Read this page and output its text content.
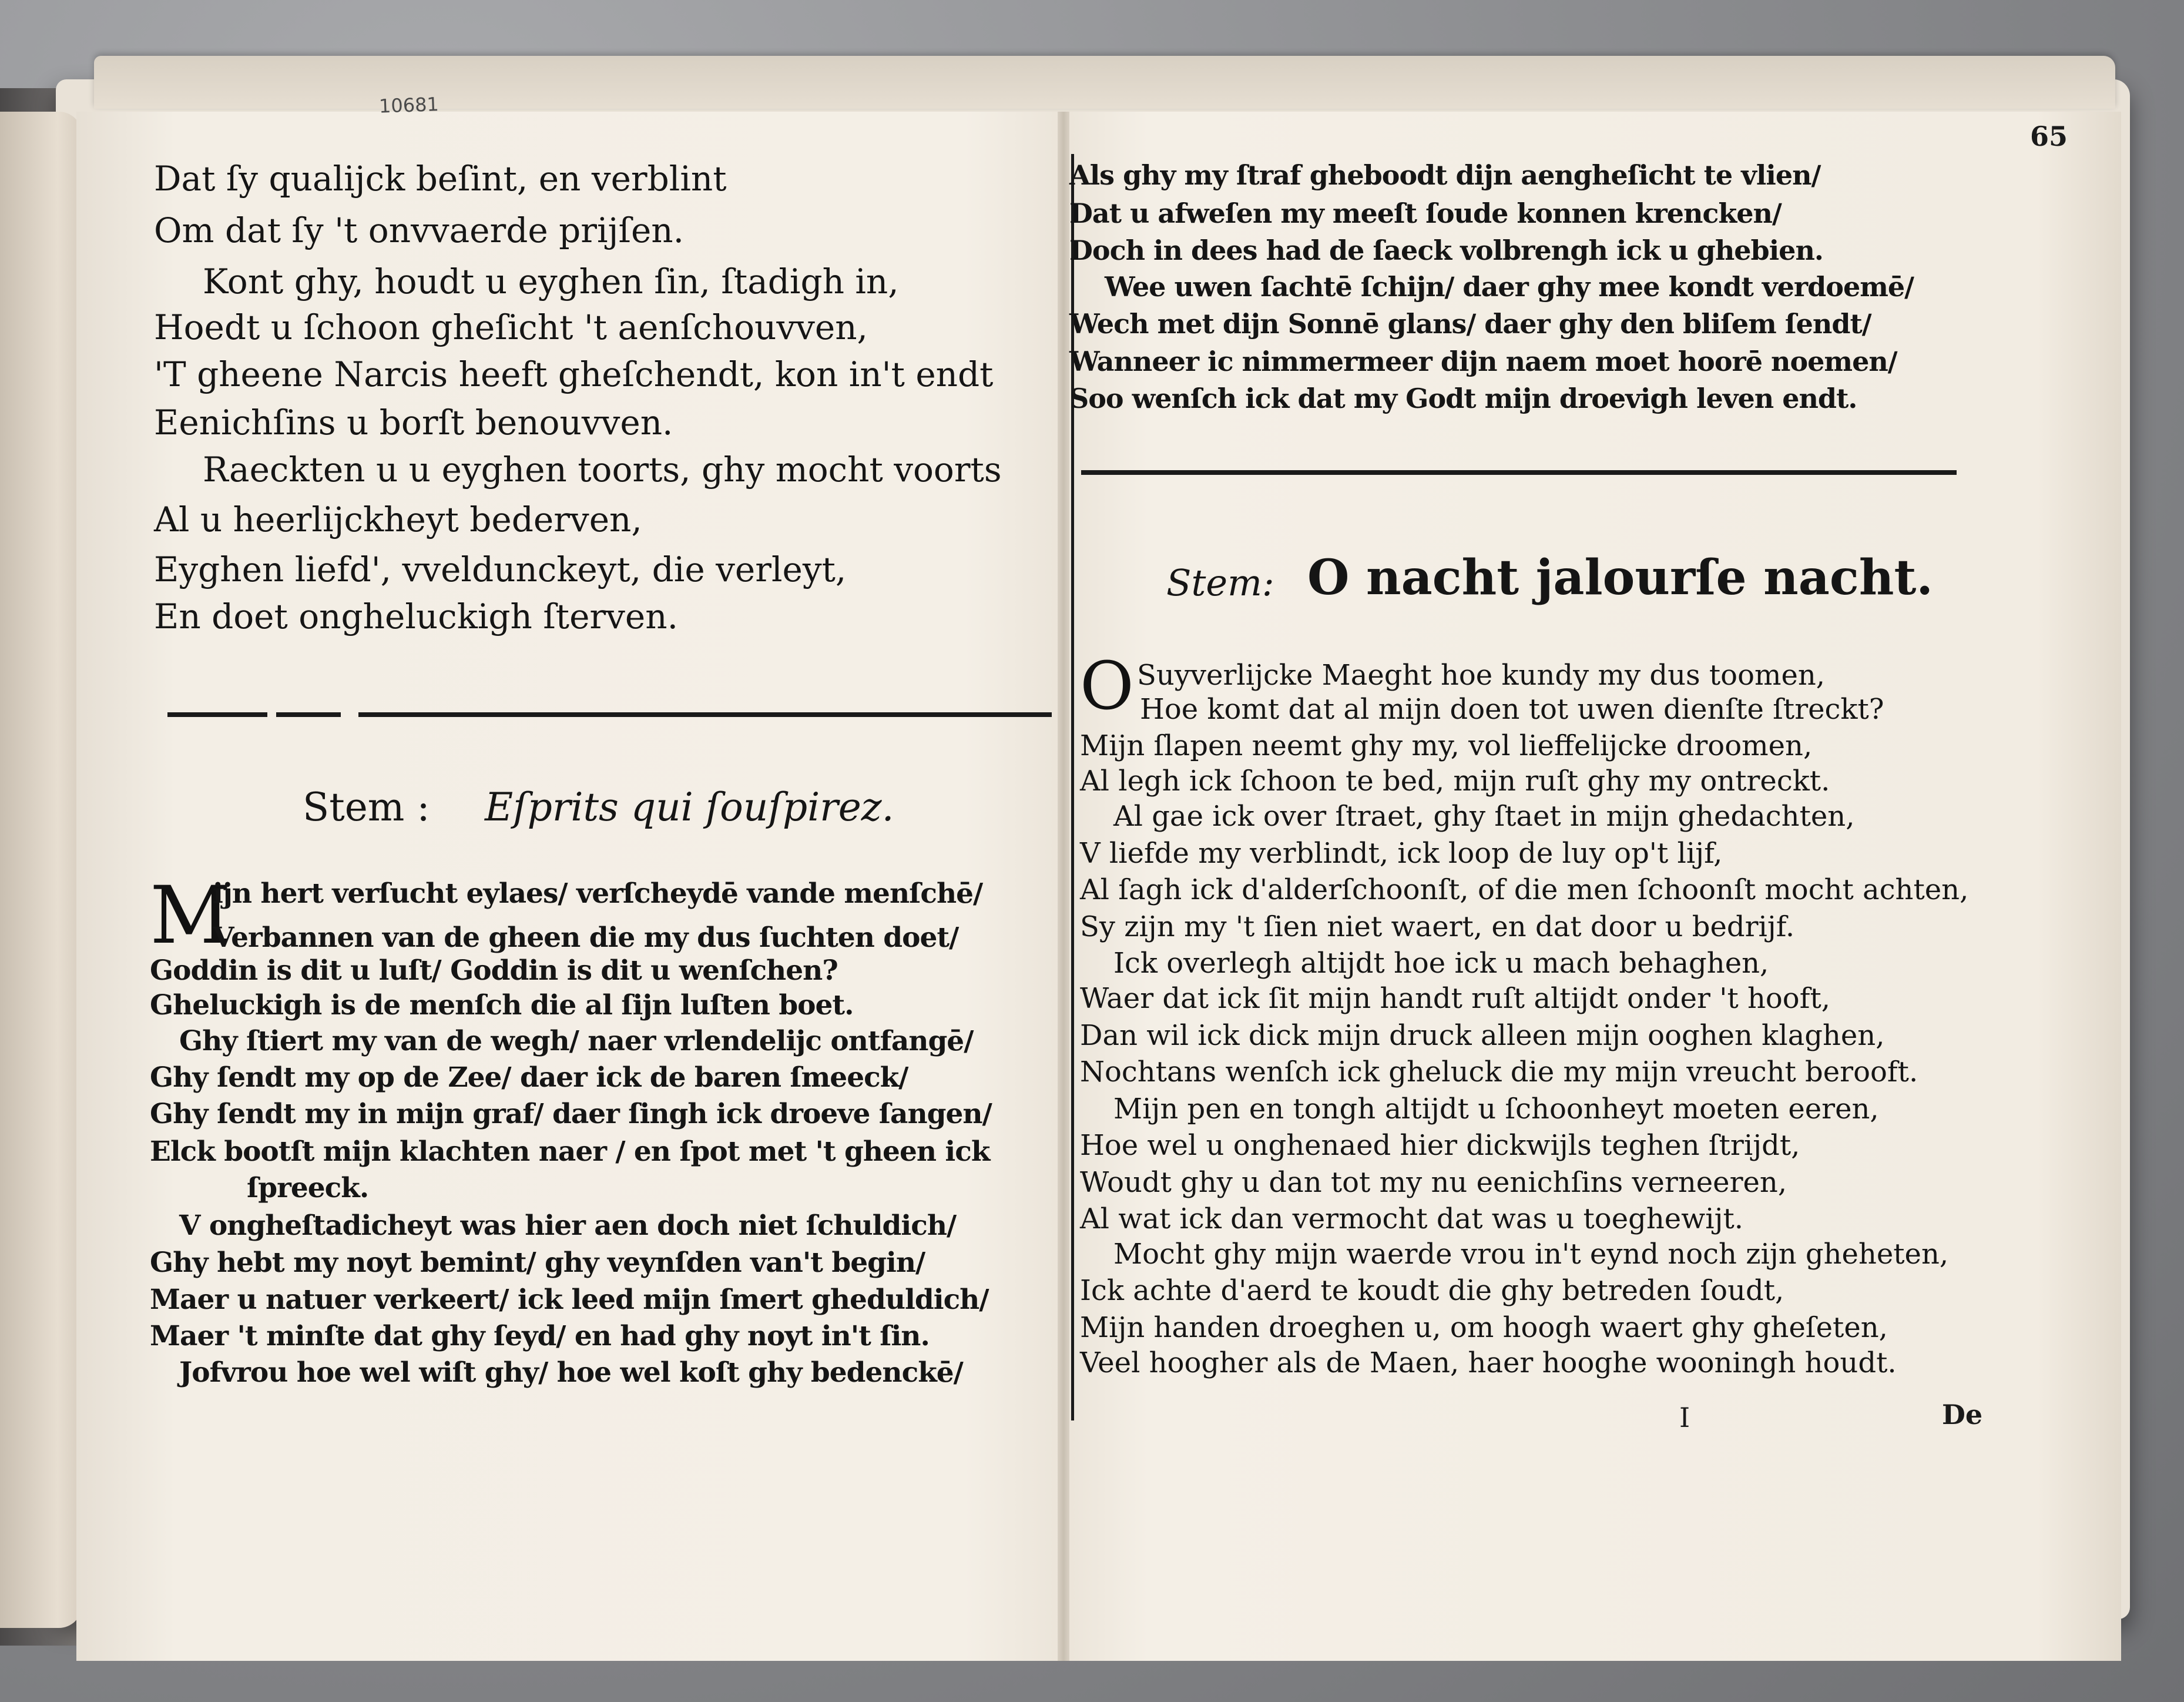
10681
65
Dat ſy qualijck beſint, en verblint
Om dat ſy 't onvvaerde prijſen.
Kont ghy, houdt u eyghen ſin, ſtadigh in,
Hoedt u ſchoon gheſicht 't aenſchouvven,
'T gheene Narcis heeft gheſchendt, kon in't endt
Eenichſins u borſt benouvven.
Raeckten u u eyghen toorts, ghy mocht voorts
Al u heerlijckheyt bederven,
Eyghen liefd', vveldunckeyt, die verleyt,
En doet ongheluckigh ſterven.
Stem : Eſprits qui ſouſpirez.
M
ijn hert verſucht eylaes/ verſcheydē vande menſchē/
Verbannen van de gheen die my dus ſuchten doet/
Goddin is dit u luſt/ Goddin is dit u wenſchen?
Gheluckigh is de menſch die al ſijn luſten boet.
Ghy ſtiert my van de wegh/ naer vrlendelijc ontfangē/
Ghy ſendt my op de Zee/ daer ick de baren ſmeeck/
Ghy ſendt my in mijn graf/ daer ſingh ick droeve ſangen/
Elck bootſt mijn klachten naer / en ſpot met 't gheen ick
ſpreeck.
V ongheſtadicheyt was hier aen doch niet ſchuldich/
Ghy hebt my noyt bemint/ ghy veynſden van't begin/
Maer u natuer verkeert/ ick leed mijn ſmert gheduldich/
Maer 't minſte dat ghy ſeyd/ en had ghy noyt in't ſin.
Jofvrou hoe wel wiſt ghy/ hoe wel koſt ghy bedenckē/
Als ghy my ſtraf gheboodt dijn aengheſicht te vlien/
Dat u afweſen my meeſt ſoude konnen krencken/
Doch in dees had de ſaeck volbrengh ick u ghebien.
Wee uwen ſachtē ſchijn/ daer ghy mee kondt verdoemē/
Wech met dijn Sonnē glans/ daer ghy den bliſem ſendt/
Wanneer ic nimmermeer dijn naem moet hoorē noemen/
Soo wenſch ick dat my Godt mijn droevigh leven endt.
Stem: O nacht jalourſe nacht.
O Suyverlijcke Maeght hoe kundy my dus toomen,
Hoe komt dat al mijn doen tot uwen dienſte ſtreckt?
Mijn ſlapen neemt ghy my, vol lieffelijcke droomen,
Al legh ick ſchoon te bed, mijn ruſt ghy my ontreckt.
Al gae ick over ſtraet, ghy ſtaet in mijn ghedachten,
V liefde my verblindt, ick loop de luy op't lijf,
Al ſagh ick d'alderſchoonſt, of die men ſchoonſt mocht achten,
Sy zijn my 't ſien niet waert, en dat door u bedrijf.
Ick overlegh altijdt hoe ick u mach behaghen,
Waer dat ick ſit mijn handt ruſt altijdt onder 't hooft,
Dan wil ick dick mijn druck alleen mijn ooghen klaghen,
Nochtans wenſch ick gheluck die my mijn vreucht berooft.
Mijn pen en tongh altijdt u ſchoonheyt moeten eeren,
Hoe wel u onghenaed hier dickwijls teghen ſtrijdt,
Woudt ghy u dan tot my nu eenichſins verneeren,
Al wat ick dan vermocht dat was u toeghewijt.
Mocht ghy mijn waerde vrou in't eynd noch zijn gheheten,
Ick achte d'aerd te koudt die ghy betreden ſoudt,
Mijn handen droeghen u, om hoogh waert ghy gheſeten,
Veel hoogher als de Maen, haer hooghe wooningh houdt.
I	De
